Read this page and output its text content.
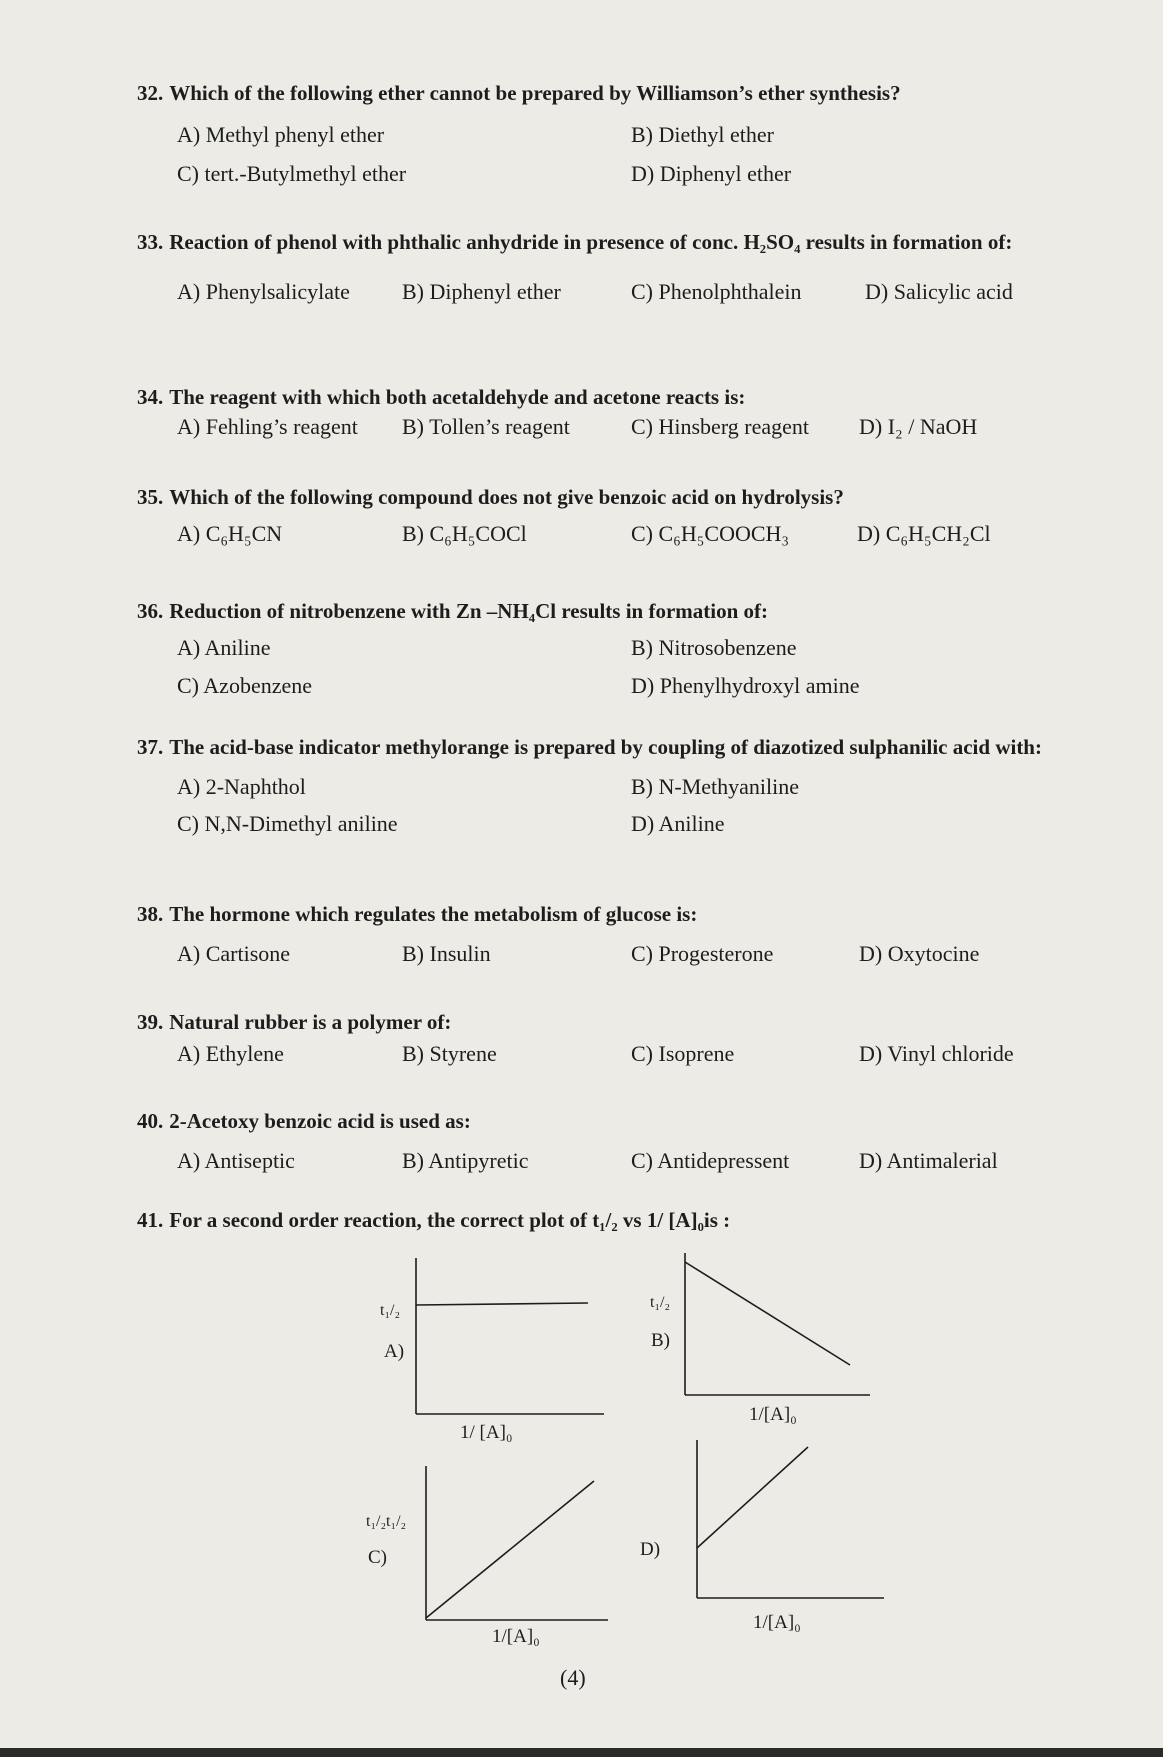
32. Which of the following ether cannot be prepared by Williamson’s ether synthesis?
A) Methyl phenyl ether	B) Diethyl ether
C) tert.-Butylmethyl ether	D) Diphenyl ether
33. Reaction of phenol with phthalic anhydride in presence of conc. H₂SO₄ results in formation of:
A) Phenylsalicylate B) Diphenyl ether	C) Phenolphthalein	D) Salicylic acid
34. The reagent with which both acetaldehyde and acetone reacts is:
A) Fehling’s reagent B) Tollen’s reagent	C) Hinsberg reagent D) I₂ / NaOH
35. Which of the following compound does not give benzoic acid on hydrolysis?
A) C₆H₅CN	B) C₆H₅COCl	C) C₆H₅COOCH₃	D) C₆H₅CH₂Cl
36. Reduction of nitrobenzene with Zn –NH₄Cl results in formation of:
A) Aniline	B) Nitrosobenzene
C) Azobenzene	D) Phenylhydroxyl amine
37. The acid-base indicator methylorange is prepared by coupling of diazotized sulphanilic acid with:
A) 2-Naphthol	B) N-Methyaniline
C) N,N-Dimethyl aniline	D) Aniline
38. The hormone which regulates the metabolism of glucose is:
A) Cartisone	B) Insulin	C) Progesterone	D) Oxytocine
39. Natural rubber is a polymer of:
A) Ethylene	B) Styrene	C) Isoprene	D) Vinyl chloride
40. 2-Acetoxy benzoic acid is used as:
A) Antiseptic	B) Antipyretic	C) Antidepressent	D) Antimalerial
41. For a second order reaction, the correct plot of t₁/₂ vs 1/ [A]₀is :
t₁/₂
A)
1/ [A]₀
t₁/₂
B)
1/[A]₀
t₁/₂t₁/₂
C)
1/[A]₀
D)
1/[A]₀
(4)
